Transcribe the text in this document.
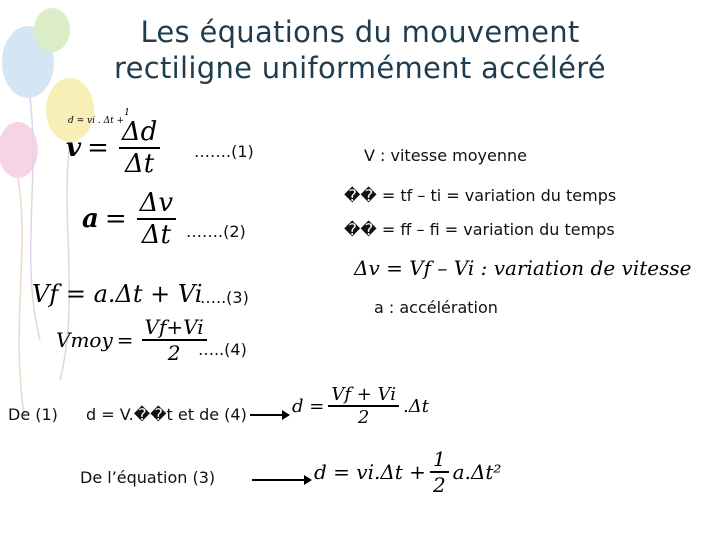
Les équations du mouvement
rectiligne uniformément accéléré
d = vi . Δt +
1
$v = \frac{\Delta d}{\Delta t}$ …….(1)
$a = \frac{\Delta v}{\Delta t}$ …….(2)
Vf = a.Δt + Vi
…..(3)
Vmoy = $\frac{Vf+Vi}{2}$
…..(4)
V : vitesse moyenne
�� = tf – ti = variation du temps
�� = ff – fi = variation du temps
Δv = Vf – Vi : variation de vitesse
a : accélération
De (1) d = V.��t et de (4)	$d = \frac{Vf + Vi}{2} .\Delta t$
De l’équation (3)	$d = vi.\Delta t + \frac{1}{2} a.\Delta t^2$
